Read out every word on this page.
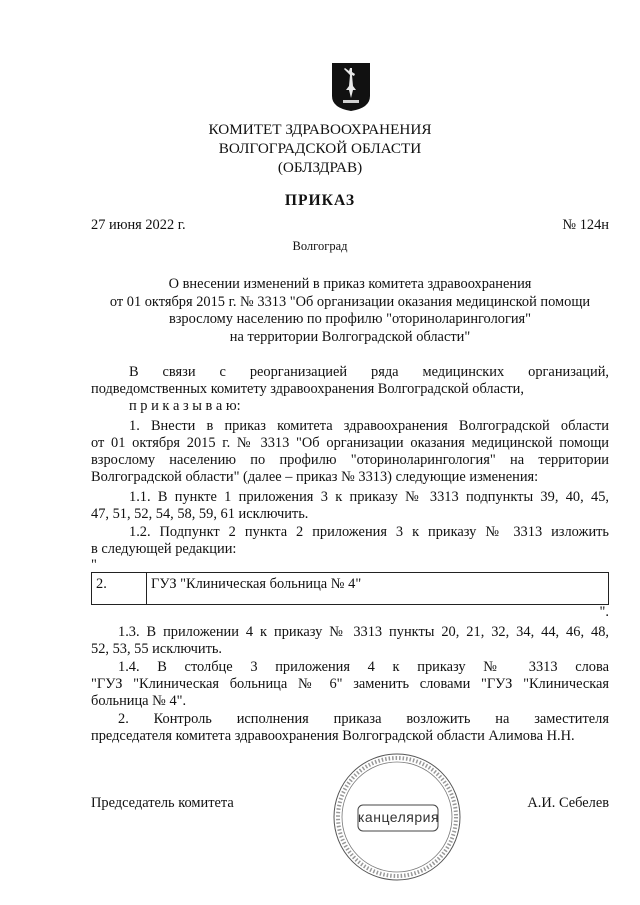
КОМИТЕТ ЗДРАВООХРАНЕНИЯ
ВОЛГОГРАДСКОЙ ОБЛАСТИ
(ОБЛЗДРАВ)
ПРИКАЗ
27 июня 2022 г.	№ 124н
Волгоград
О внесении изменений в приказ комитета здравоохранения
от 01 октября 2015 г. № 3313 "Об организации оказания медицинской помощи
взрослому населению по профилю "оториноларингология"
на территории Волгоградской области"
В связи с реорганизацией ряда медицинских организаций,
подведомственных комитету здравоохранения Волгоградской области,
п р и к а з ы в а ю:
1. Внести в приказ комитета здравоохранения Волгоградской области
от 01 октября 2015 г. № 3313 "Об организации оказания медицинской помощи
взрослому населению по профилю "оториноларингология" на территории
Волгоградской области" (далее – приказ № 3313) следующие изменения:
1.1. В пункте 1 приложения 3 к приказу № 3313 подпункты 39, 40, 45,
47, 51, 52, 54, 58, 59, 61 исключить.
1.2. Подпункт 2 пункта 2 приложения 3 к приказу № 3313 изложить
в следующей редакции:
"
2.	ГУЗ "Клиническая больница № 4"
".
1.3. В приложении 4 к приказу № 3313 пункты 20, 21, 32, 34, 44, 46, 48,
52, 53, 55 исключить.
1.4. В столбце 3 приложения 4 к приказу № 3313 слова
"ГУЗ "Клиническая больница № 6" заменить словами "ГУЗ "Клиническая
больница № 4".
2. Контроль исполнения приказа возложить на заместителя
председателя комитета здравоохранения Волгоградской области Алимова Н.Н.
Председатель комитета	А.И. Себелев
канцелярия
